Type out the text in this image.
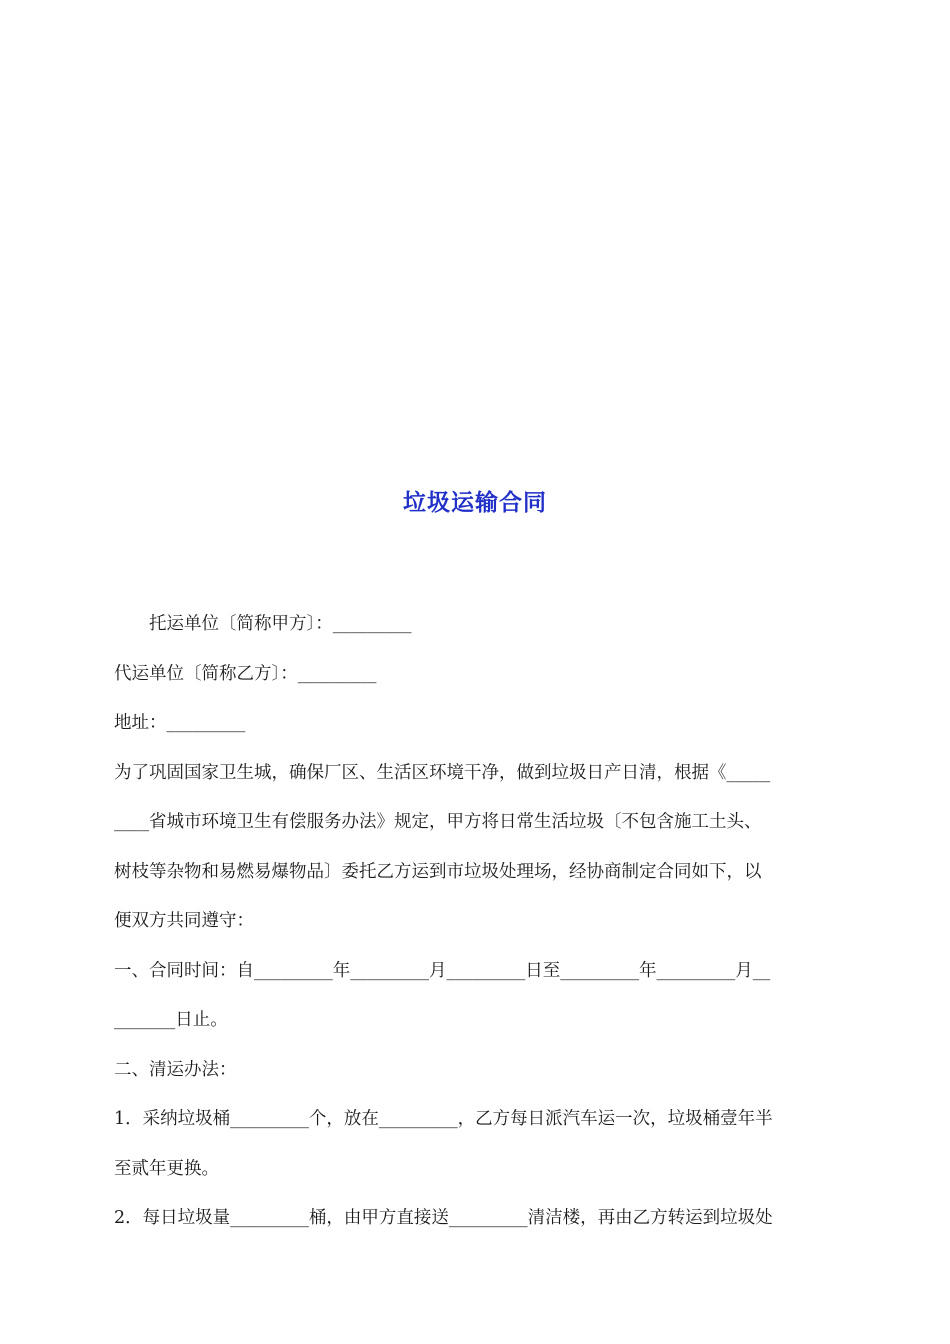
垃圾运输合同

托运单位〔简称甲方〕：_________

代运单位〔简称乙方〕：_________

地址：_________

为了巩固国家卫生城，确保厂区、生活区环境干净，做到垃圾日产日清，根据《_____

____省城市环境卫生有偿服务办法》规定，甲方将日常生活垃圾〔不包含施工土头、

树枝等杂物和易燃易爆物品〕委托乙方运到市垃圾处理场，经协商制定合同如下，以

便双方共同遵守：

一、合同时间：自_________年_________月_________日至_________年_________月__

_______日止。

二、清运办法：

1．采纳垃圾桶_________个，放在_________，乙方每日派汽车运一次，垃圾桶壹年半

至贰年更换。

2．每日垃圾量_________桶，由甲方直接送_________清洁楼，再由乙方转运到垃圾处
